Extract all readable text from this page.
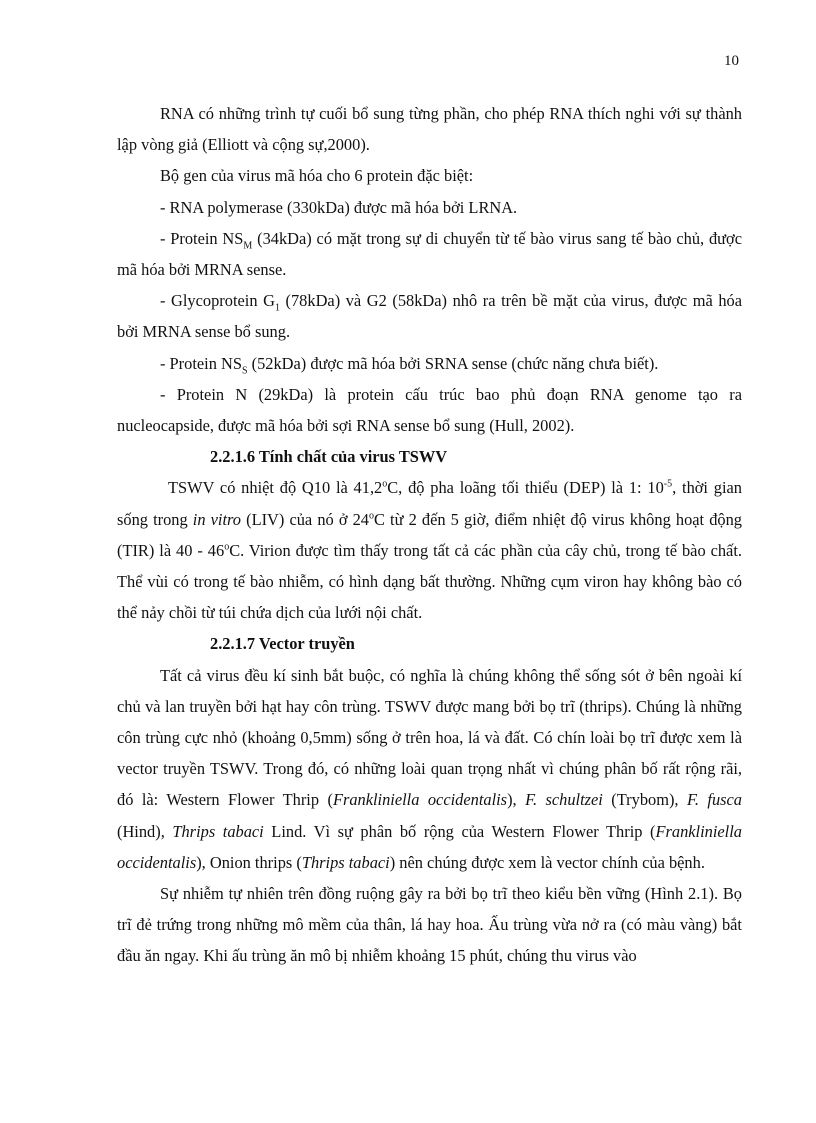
10

RNA có những trình tự cuối bổ sung từng phần, cho phép RNA thích nghi với sự thành lập vòng giả (Elliott và cộng sự,2000).

Bộ gen của virus mã hóa cho 6 protein đặc biệt:

- RNA polymerase (330kDa) được mã hóa bởi LRNA.

- Protein $NS_M$ (34kDa) có mặt trong sự di chuyển từ tế bào virus sang tế bào chủ, được mã hóa bởi MRNA sense.

- Glycoprotein $G_1$ (78kDa) và G2 (58kDa) nhô ra trên bề mặt của virus, được mã hóa bởi MRNA sense bổ sung.

- Protein $NS_S$ (52kDa) được mã hóa bởi SRNA sense (chức năng chưa biết).

- Protein N (29kDa) là protein cấu trúc bao phủ đoạn RNA genome tạo ra nucleocapside, được mã hóa bởi sợi RNA sense bổ sung (Hull, 2002).

2.2.1.6 Tính chất của virus TSWV

TSWV có nhiệt độ Q10 là 41,2$^o$C, độ pha loãng tối thiểu (DEP) là 1: $10^{-5}$, thời gian sống trong in vitro (LIV) của nó ở 24$^o$C từ 2 đến 5 giờ, điểm nhiệt độ virus không hoạt động (TIR) là 40 - 46$^o$C. Virion được tìm thấy trong tất cả các phần của cây chủ, trong tế bào chất. Thể vùi có trong tế bào nhiễm, có hình dạng bất thường. Những cụm viron hay không bào có thể nảy chồi từ túi chứa dịch của lưới nội chất.

2.2.1.7 Vector truyền

Tất cả virus đều kí sinh bắt buộc, có nghĩa là chúng không thể sống sót ở bên ngoài kí chủ và lan truyền bởi hạt hay côn trùng. TSWV được mang bởi bọ trĩ (thrips). Chúng là những côn trùng cực nhỏ (khoảng 0,5mm) sống ở trên hoa, lá và đất. Có chín loài bọ trĩ được xem là vector truyền TSWV. Trong đó, có những loài quan trọng nhất vì chúng phân bố rất rộng rãi, đó là: Western Flower Thrip (Frankliniella occidentalis), F. schultzei (Trybom), F. fusca (Hind), Thrips tabaci Lind. Vì sự phân bố rộng của Western Flower Thrip (Frankliniella occidentalis), Onion thrips (Thrips tabaci) nên chúng được xem là vector chính của bệnh.

Sự nhiễm tự nhiên trên đồng ruộng gây ra bởi bọ trĩ theo kiểu bền vững (Hình 2.1). Bọ trĩ đẻ trứng trong những mô mềm của thân, lá hay hoa. Ấu trùng vừa nở ra (có màu vàng) bắt đầu ăn ngay. Khi ấu trùng ăn mô bị nhiễm khoảng 15 phút, chúng thu virus vào
